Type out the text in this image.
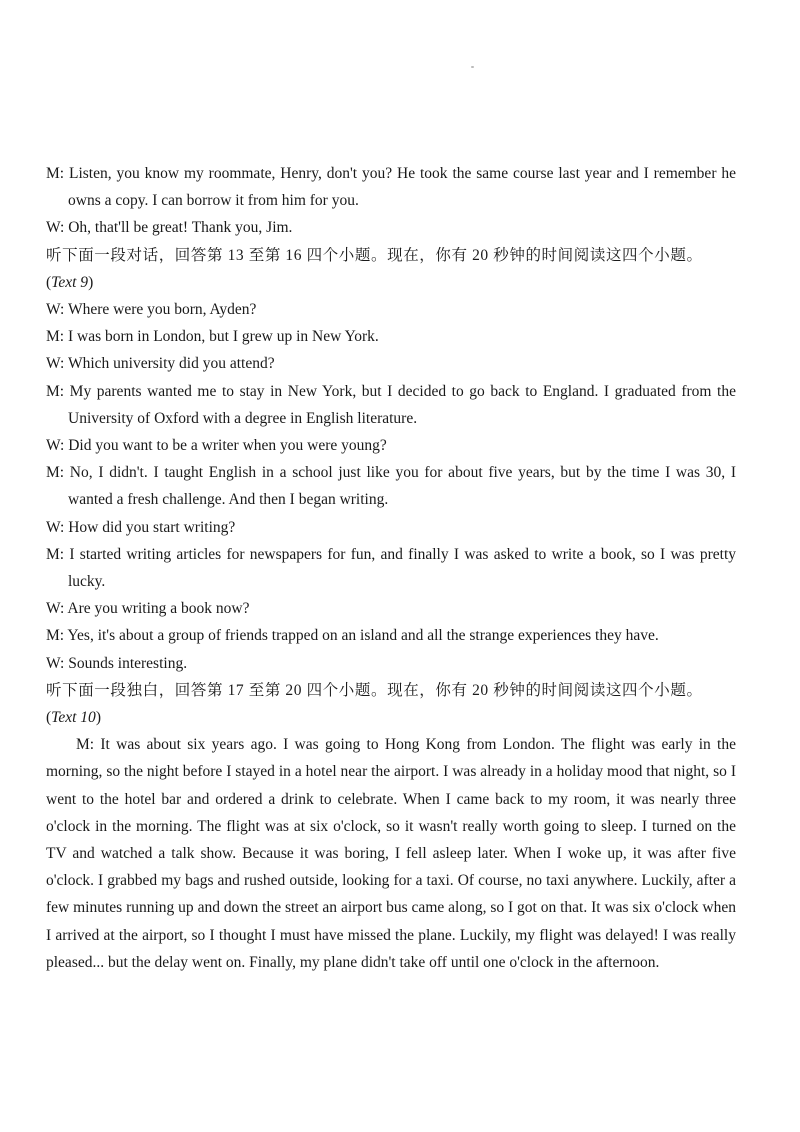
M: Listen, you know my roommate, Henry, don't you? He took the same course last year and I remember he owns a copy. I can borrow it from him for you.

W: Oh, that'll be great! Thank you, Jim.

听下面一段对话，回答第 13 至第 16 四个小题。现在，你有 20 秒钟的时间阅读这四个小题。

(Text 9)

W: Where were you born, Ayden?

M: I was born in London, but I grew up in New York.

W: Which university did you attend?

M: My parents wanted me to stay in New York, but I decided to go back to England. I graduated from the University of Oxford with a degree in English literature.

W: Did you want to be a writer when you were young?

M: No, I didn't. I taught English in a school just like you for about five years, but by the time I was 30, I wanted a fresh challenge. And then I began writing.

W: How did you start writing?

M: I started writing articles for newspapers for fun, and finally I was asked to write a book, so I was pretty lucky.

W: Are you writing a book now?

M: Yes, it's about a group of friends trapped on an island and all the strange experiences they have.

W: Sounds interesting.

听下面一段独白，回答第 17 至第 20 四个小题。现在，你有 20 秒钟的时间阅读这四个小题。

(Text 10)

M: It was about six years ago. I was going to Hong Kong from London. The flight was early in the morning, so the night before I stayed in a hotel near the airport. I was already in a holiday mood that night, so I went to the hotel bar and ordered a drink to celebrate. When I came back to my room, it was nearly three o'clock in the morning. The flight was at six o'clock, so it wasn't really worth going to sleep. I turned on the TV and watched a talk show. Because it was boring, I fell asleep later. When I woke up, it was after five o'clock. I grabbed my bags and rushed outside, looking for a taxi. Of course, no taxi anywhere. Luckily, after a few minutes running up and down the street an airport bus came along, so I got on that. It was six o'clock when I arrived at the airport, so I thought I must have missed the plane. Luckily, my flight was delayed! I was really pleased... but the delay went on. Finally, my plane didn't take off until one o'clock in the afternoon.
